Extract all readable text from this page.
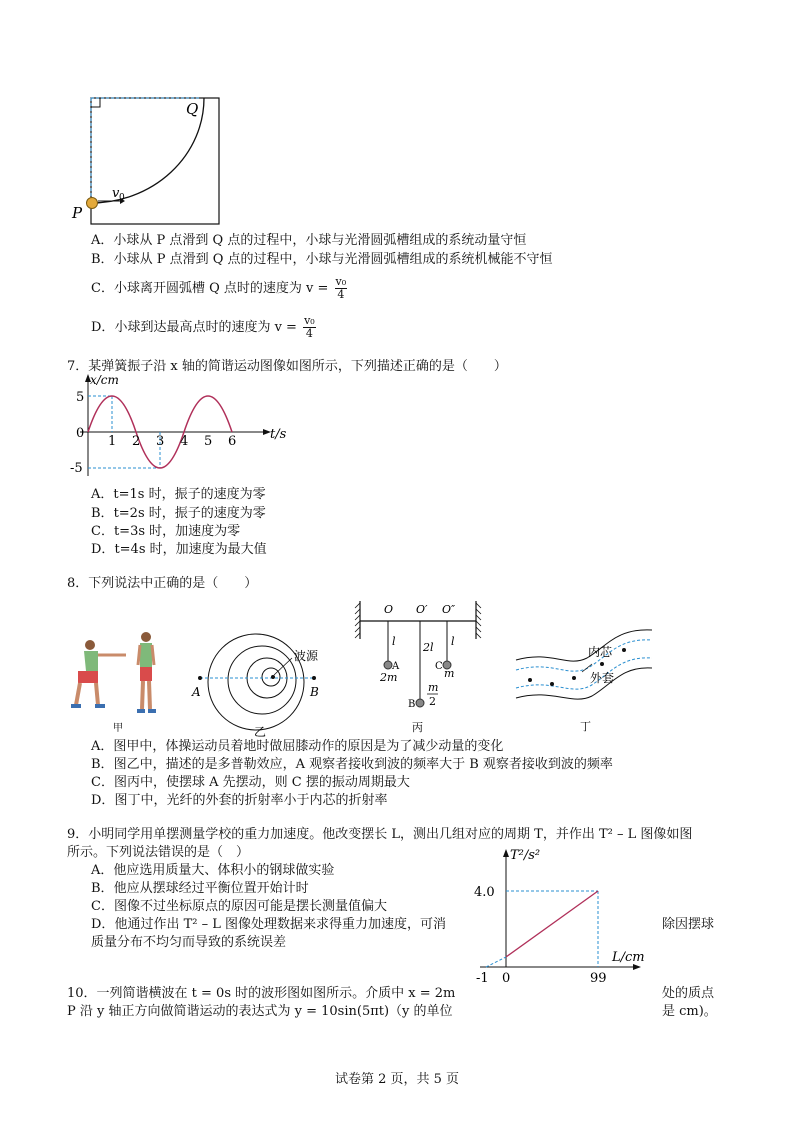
Q
P
v 0
A．小球从 P 点滑到 Q 点的过程中，小球与光滑圆弧槽组成的系统动量守恒
B．小球从 P 点滑到 Q 点的过程中，小球与光滑圆弧槽组成的系统机械能不守恒
C．小球离开圆弧槽 Q 点时的速度为 $v = \frac{\text{v₀}}{4}$
D．小球到达最高点时的速度为 $v = \frac{\text{v₀}}{4}$
7．某弹簧振子沿 x 轴的简谐运动图像如图所示，下列描述正确的是（　　）
x/cm
t/s
5
0
-5
1 2 3 4 5 6
A．t=1s 时，振子的速度为零
B．t=2s 时，振子的速度为零
C．t=3s 时，加速度为零
D．t=4s 时，加速度为最大值
8．下列说法中正确的是（　　）
甲
波源
A	B
乙
O O′ O″
l 2l l
A
2m
B
m
2
C
m
丙
内芯
外套
丁
A．图甲中，体操运动员着地时做屈膝动作的原因是为了减少动量的变化
B．图乙中，描述的是多普勒效应，A 观察者接收到波的频率大于 B 观察者接收到波的频率
C．图丙中，使摆球 A 先摆动，则 C 摆的振动周期最大
D．图丁中，光纤的外套的折射率小于内芯的折射率
9．小明同学用单摆测量学校的重力加速度。他改变摆长 L，测出几组对应的周期 T，并作出 T² – L 图像如图
所示。下列说法错误的是（　）
A．他应选用质量大、体积小的钢球做实验
B．他应从摆球经过平衡位置开始计时
C．图像不过坐标原点的原因可能是摆长测量值偏大
D．他通过作出 T² – L 图像处理数据来求得重力加速度，可消	除因摆球
质量分布不均匀而导致的系统误差
T²/s²
L/cm
4.0
-1 0	99
10．一列简谐横波在 t = 0s 时的波形图如图所示。介质中 x = 2m	处的质点
P 沿 y 轴正方向做简谐运动的表达式为 y = 10sin(5πt)（y 的单位	是 cm)。
试卷第 2 页，共 5 页
